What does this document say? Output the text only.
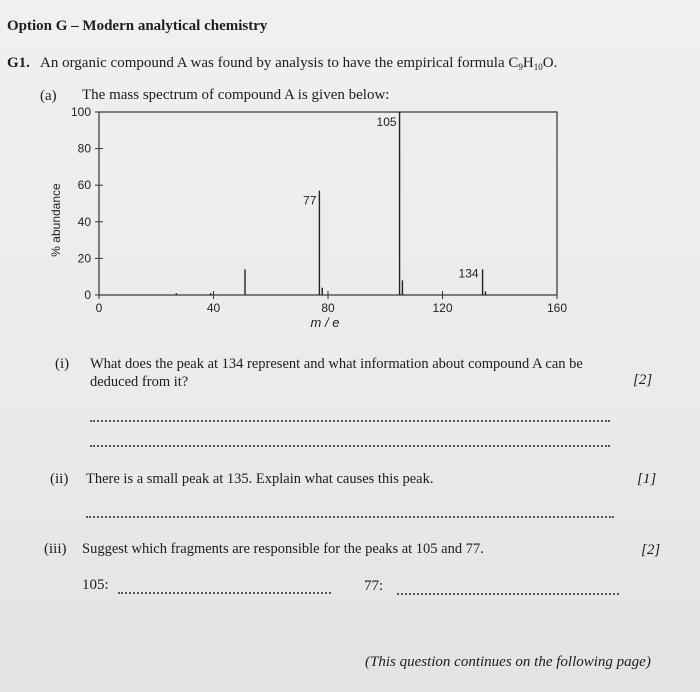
Option G – Modern analytical chemistry
G1. An organic compound A was found by analysis to have the empirical formula $C_9H_{10}O$.
(a) The mass spectrum of compound A is given below:
% abundance
m / e
77
105
134
0
20
40
60
80
100
0	40	80	120	160
(i) What does the peak at 134 represent and what information about compound A can be
deduced from it?	[2]
(ii) There is a small peak at 135. Explain what causes this peak.	[1]
(iii) Suggest which fragments are responsible for the peaks at 105 and 77.	[2]
105:	77:
(This question continues on the following page)
